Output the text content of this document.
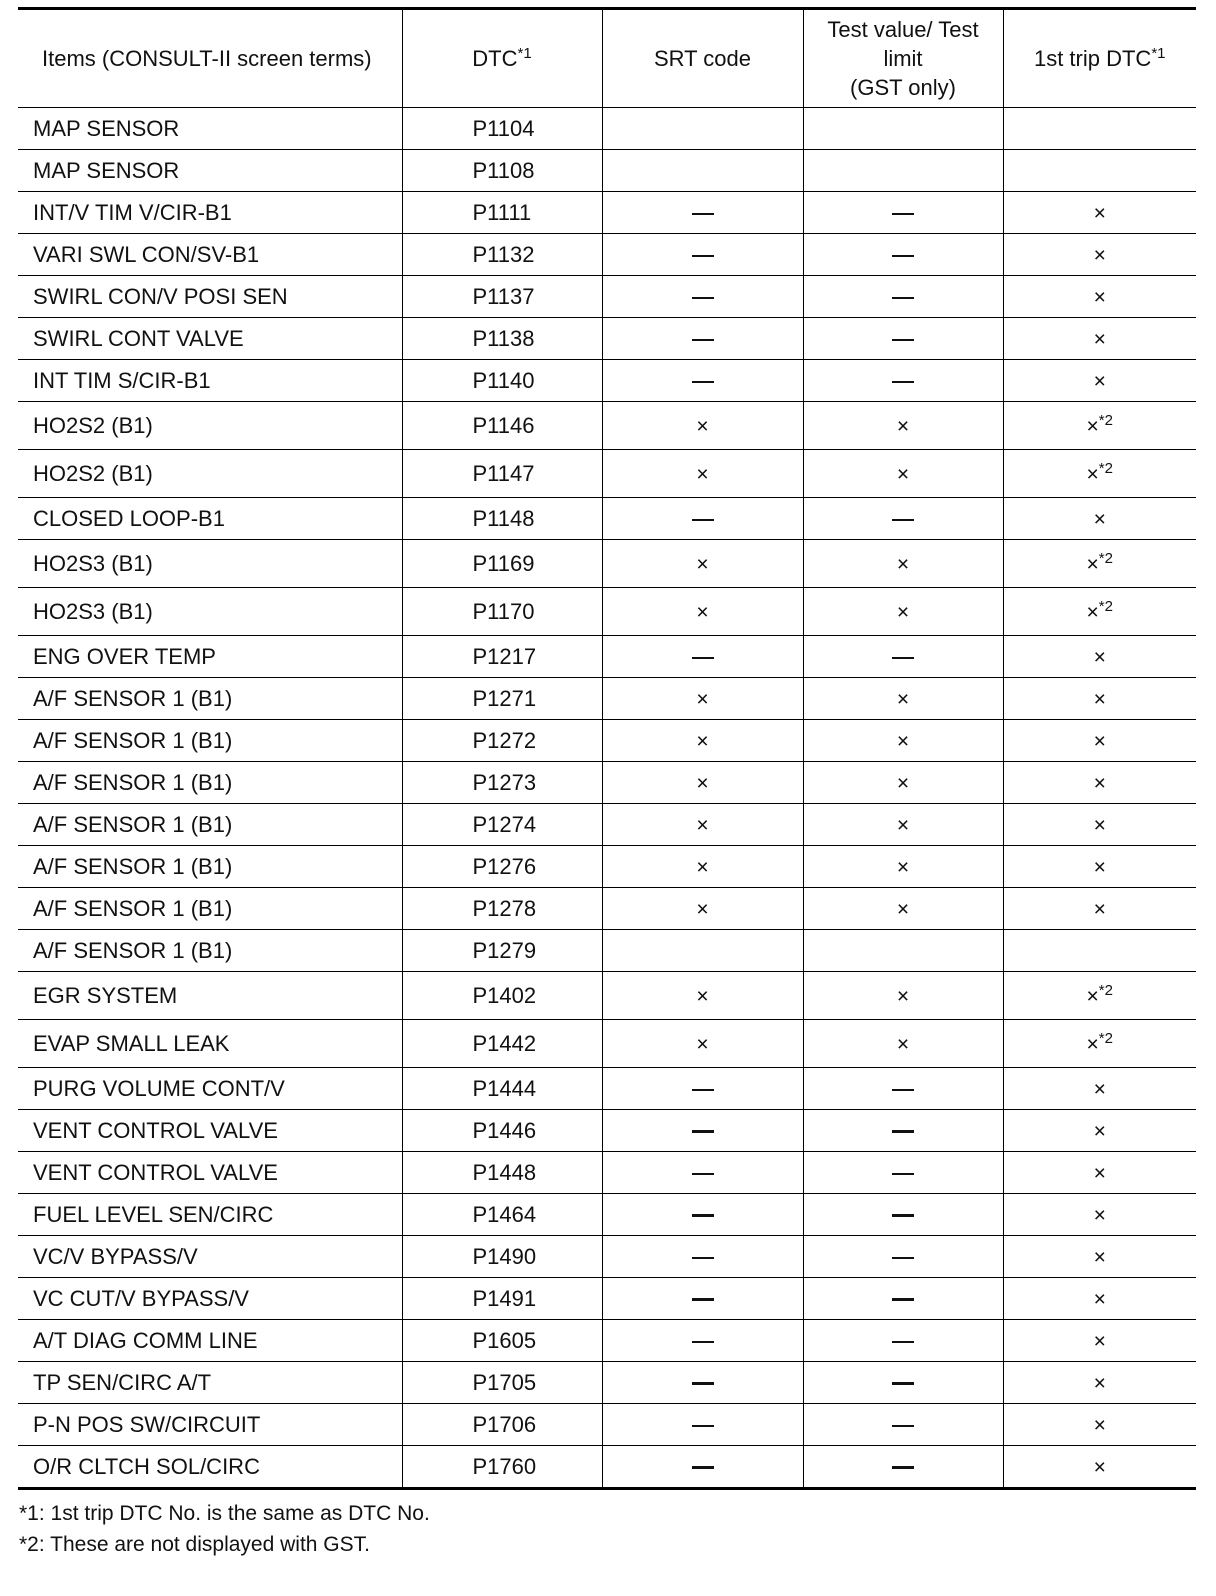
Items (CONSULT-II screen terms)	DTC$^{*1}$	SRT code	Test value/ Test
limit
(GST only)	1st trip DTC$^{*1}$
MAP SENSOR	P1104			
MAP SENSOR	P1108			
INT/V TIM V/CIR-B1	P1111			×
VARI SWL CON/SV-B1	P1132			×
SWIRL CON/V POSI SEN	P1137			×
SWIRL CONT VALVE	P1138			×
INT TIM S/CIR-B1	P1140			×
HO2S2 (B1)	P1146	×	×	×$^{*2}$
HO2S2 (B1)	P1147	×	×	×$^{*2}$
CLOSED LOOP-B1	P1148			×
HO2S3 (B1)	P1169	×	×	×$^{*2}$
HO2S3 (B1)	P1170	×	×	×$^{*2}$
ENG OVER TEMP	P1217			×
A/F SENSOR 1 (B1)	P1271	×	×	×
A/F SENSOR 1 (B1)	P1272	×	×	×
A/F SENSOR 1 (B1)	P1273	×	×	×
A/F SENSOR 1 (B1)	P1274	×	×	×
A/F SENSOR 1 (B1)	P1276	×	×	×
A/F SENSOR 1 (B1)	P1278	×	×	×
A/F SENSOR 1 (B1)	P1279			
EGR SYSTEM	P1402	×	×	×$^{*2}$
EVAP SMALL LEAK	P1442	×	×	×$^{*2}$
PURG VOLUME CONT/V	P1444			×
VENT CONTROL VALVE	P1446			×
VENT CONTROL VALVE	P1448			×
FUEL LEVEL SEN/CIRC	P1464			×
VC/V BYPASS/V	P1490			×
VC CUT/V BYPASS/V	P1491			×
A/T DIAG COMM LINE	P1605			×
TP SEN/CIRC A/T	P1705			×
P-N POS SW/CIRCUIT	P1706			×
O/R CLTCH SOL/CIRC	P1760			×
*1: 1st trip DTC No. is the same as DTC No.
*2: These are not displayed with GST.
